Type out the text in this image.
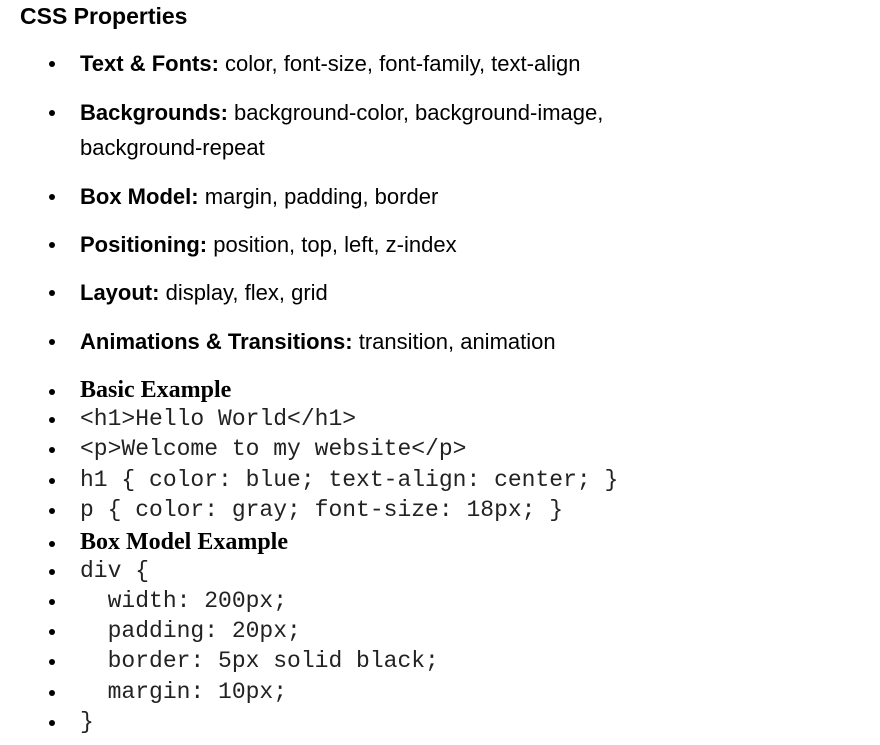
CSS Properties
Text & Fonts: color, font-size, font-family, text-align
Backgrounds: background-color, background-image, background-repeat
Box Model: margin, padding, border
Positioning: position, top, left, z-index
Layout: display, flex, grid
Animations & Transitions: transition, animation
Basic Example
<h1>Hello World</h1>
<p>Welcome to my website</p>
h1 { color: blue; text-align: center; }
p { color: gray; font-size: 18px; }
Box Model Example
div {
width: 200px;
padding: 20px;
border: 5px solid black;
margin: 10px;
}
